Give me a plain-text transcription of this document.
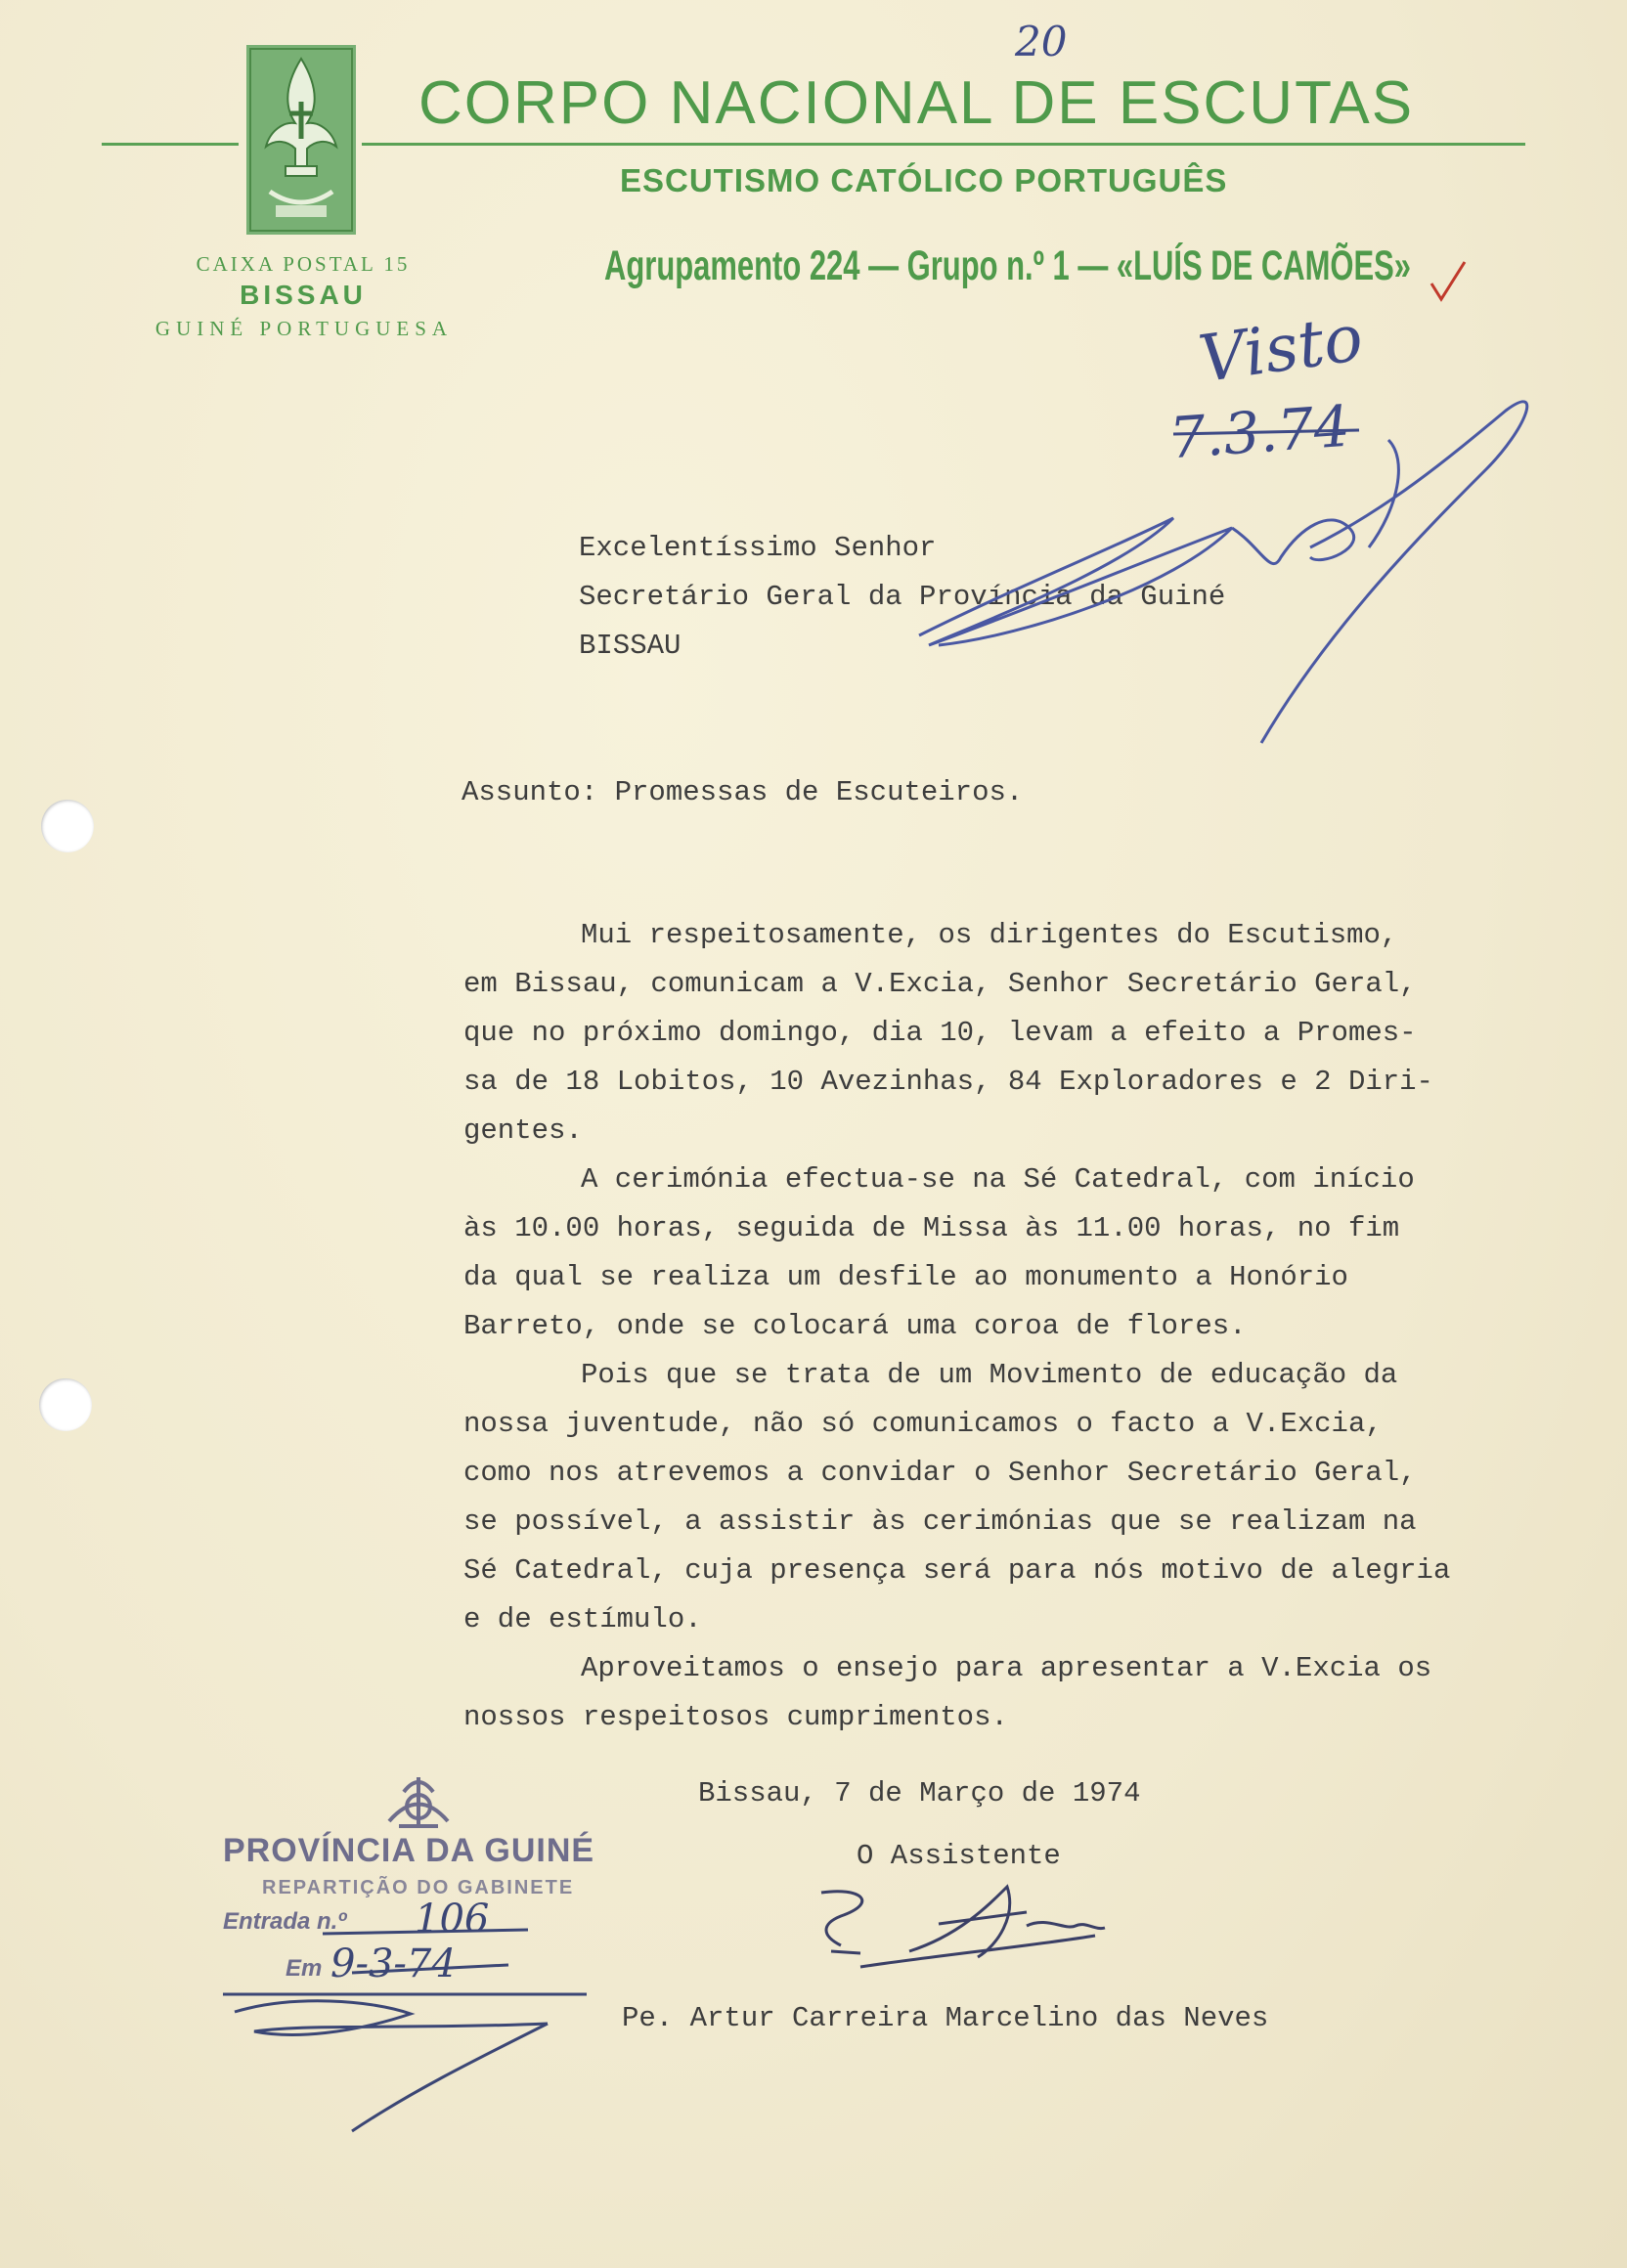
20
CORPO NACIONAL DE ESCUTAS
ESCUTISMO CATÓLICO PORTUGUÊS
Agrupamento 224 — Grupo n.º 1 — «LUÍS DE CAMÕES»
CAIXA POSTAL 15
BISSAU
GUINÉ PORTUGUESA	Visto
7.3.74
Excelentíssimo Senhor
Secretário Geral da Província da Guiné
BISSAU
Assunto: Promessas de Escuteiros.
Mui respeitosamente, os dirigentes do Escutismo,
em Bissau, comunicam a V.Excia, Senhor Secretário Geral,
que no próximo domingo, dia 10, levam a efeito a Promes-
sa de 18 Lobitos, 10 Avezinhas, 84 Exploradores e 2 Diri-
gentes.
A cerimónia efectua-se na Sé Catedral, com início
às 10.00 horas, seguida de Missa às 11.00 horas, no fim
da qual se realiza um desfile ao monumento a Honório
Barreto, onde se colocará uma coroa de flores.
Pois que se trata de um Movimento de educação da
nossa juventude, não só comunicamos o facto a V.Excia,
como nos atrevemos a convidar o Senhor Secretário Geral,
se possível, a assistir às cerimónias que se realizam na
Sé Catedral, cuja presença será para nós motivo de alegria
e de estímulo.
Aproveitamos o ensejo para apresentar a V.Excia os
nossos respeitosos cumprimentos.
Bissau, 7 de Março de 1974
O Assistente
Pe. Artur Carreira Marcelino das Neves
PROVÍNCIA DA GUINÉ
REPARTIÇÃO DO GABINETE
Entrada n.º 106
Em 9-3-74
